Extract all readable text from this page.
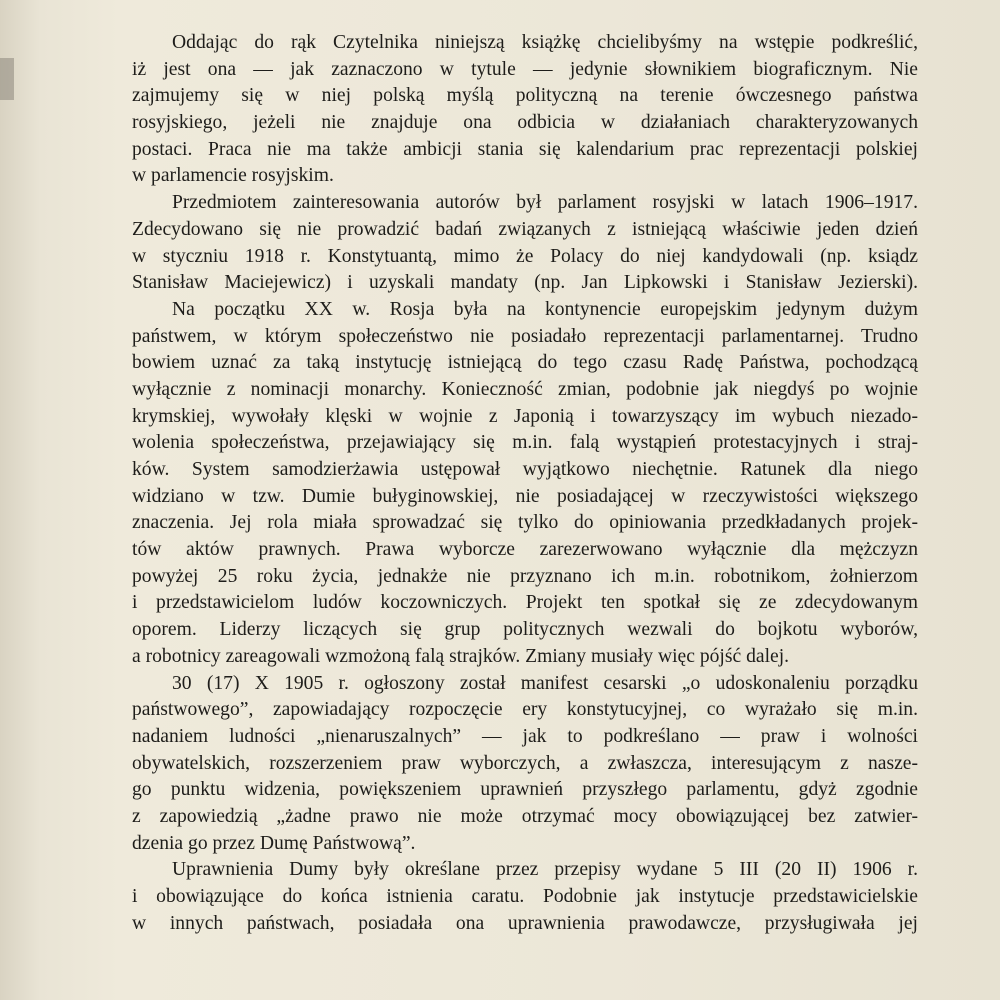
Oddając do rąk Czytelnika niniejszą książkę chcielibyśmy na wstępie podkreślić,
iż jest ona — jak zaznaczono w tytule — jedynie słownikiem biograficznym. Nie
zajmujemy się w niej polską myślą polityczną na terenie ówczesnego państwa
rosyjskiego, jeżeli nie znajduje ona odbicia w działaniach charakteryzowanych
postaci. Praca nie ma także ambicji stania się kalendarium prac reprezentacji polskiej
w parlamencie rosyjskim.
Przedmiotem zainteresowania autorów był parlament rosyjski w latach 1906–1917.
Zdecydowano się nie prowadzić badań związanych z istniejącą właściwie jeden dzień
w styczniu 1918 r. Konstytuantą, mimo że Polacy do niej kandydowali (np. ksiądz
Stanisław Maciejewicz) i uzyskali mandaty (np. Jan Lipkowski i Stanisław Jezierski).
Na początku XX w. Rosja była na kontynencie europejskim jedynym dużym
państwem, w którym społeczeństwo nie posiadało reprezentacji parlamentarnej. Trudno
bowiem uznać za taką instytucję istniejącą do tego czasu Radę Państwa, pochodzącą
wyłącznie z nominacji monarchy. Konieczność zmian, podobnie jak niegdyś po wojnie
krymskiej, wywołały klęski w wojnie z Japonią i towarzyszący im wybuch niezado-
wolenia społeczeństwa, przejawiający się m.in. falą wystąpień protestacyjnych i straj-
ków. System samodzierżawia ustępował wyjątkowo niechętnie. Ratunek dla niego
widziano w tzw. Dumie bułyginowskiej, nie posiadającej w rzeczywistości większego
znaczenia. Jej rola miała sprowadzać się tylko do opiniowania przedkładanych projek-
tów aktów prawnych. Prawa wyborcze zarezerwowano wyłącznie dla mężczyzn
powyżej 25 roku życia, jednakże nie przyznano ich m.in. robotnikom, żołnierzom
i przedstawicielom ludów koczowniczych. Projekt ten spotkał się ze zdecydowanym
oporem. Liderzy liczących się grup politycznych wezwali do bojkotu wyborów,
a robotnicy zareagowali wzmożoną falą strajków. Zmiany musiały więc pójść dalej.
30 (17) X 1905 r. ogłoszony został manifest cesarski „o udoskonaleniu porządku
państwowego”, zapowiadający rozpoczęcie ery konstytucyjnej, co wyrażało się m.in.
nadaniem ludności „nienaruszalnych” — jak to podkreślano — praw i wolności
obywatelskich, rozszerzeniem praw wyborczych, a zwłaszcza, interesującym z nasze-
go punktu widzenia, powiększeniem uprawnień przyszłego parlamentu, gdyż zgodnie
z zapowiedzią „żadne prawo nie może otrzymać mocy obowiązującej bez zatwier-
dzenia go przez Dumę Państwową”.
Uprawnienia Dumy były określane przez przepisy wydane 5 III (20 II) 1906 r.
i obowiązujące do końca istnienia caratu. Podobnie jak instytucje przedstawicielskie
w innych państwach, posiadała ona uprawnienia prawodawcze, przysługiwała jej
